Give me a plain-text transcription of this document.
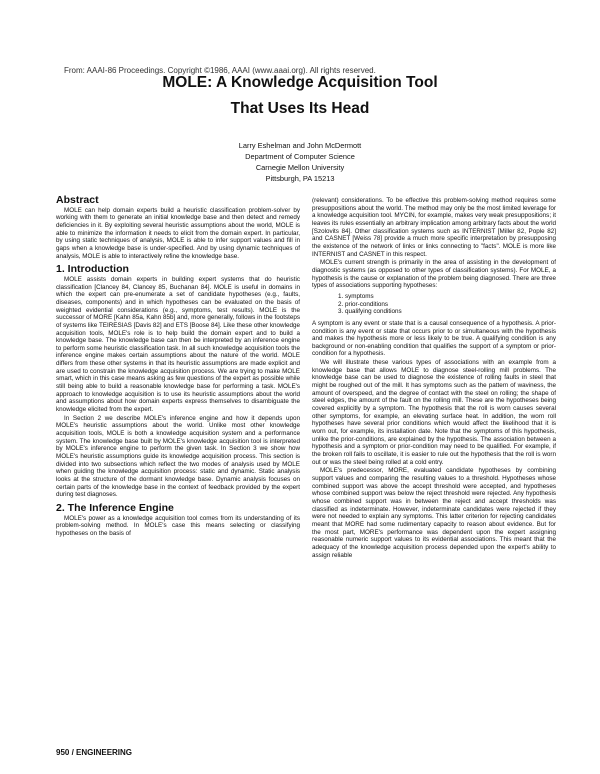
From: AAAI-86 Proceedings. Copyright ©1986, AAAI (www.aaai.org). All rights reserved.
MOLE: A Knowledge Acquisition Tool
That Uses Its Head
Larry Eshelman and John McDermott
Department of Computer Science
Carnegie Mellon University
Pittsburgh, PA 15213
Abstract

MOLE can help domain experts build a heuristic classification problem-solver by working with them to generate an initial knowledge base and then detect and remedy deficiencies in it. By exploiting several heuristic assumptions about the world, MOLE is able to minimize the information it needs to elicit from the domain expert. In particular, by using static techniques of analysis, MOLE is able to infer support values and fill in gaps when a knowledge base is under-specified. And by using dynamic techniques of analysis, MOLE is able to interactively refine the knowledge base.

1. Introduction

MOLE assists domain experts in building expert systems that do heuristic classification [Clancey 84, Clancey 85, Buchanan 84]. MOLE is useful in domains in which the expert can pre-enumerate a set of candidate hypotheses (e.g., faults, diseases, components) and in which hypotheses can be evaluated on the basis of weighted evidential considerations (e.g., symptoms, test results). MOLE is the successor of MORE [Kahn 85a, Kahn 85b] and, more generally, follows in the footsteps of systems like TEIRESIAS [Davis 82] and ETS [Boose 84]. Like these other knowledge acquisition tools, MOLE's role is to help build the domain expert and to build a knowledge base. The knowledge base can then be interpreted by an inference engine to perform some heuristic classification task. In all such knowledge acquisition tools the inference engine makes certain assumptions about the nature of the world. MOLE differs from these other systems in that its heuristic assumptions are made explicit and are used to constrain the knowledge acquisition process. We are trying to make MOLE smart, which in this case means asking as few questions of the expert as possible while still being able to build a reasonable knowledge base for performing a task. MOLE's approach to knowledge acquisition is to use its heuristic assumptions about the world and assumptions about how domain experts express themselves to disambiguate the knowledge elicited from the expert.

In Section 2 we describe MOLE's inference engine and how it depends upon MOLE's heuristic assumptions about the world. Unlike most other knowledge acquisition tools, MOLE is both a knowledge acquisition system and a performance system. The knowledge base built by MOLE's knowledge acquisition tool is interpreted by MOLE's inference engine to perform the given task. In Section 3 we show how MOLE's heuristic assumptions guide its knowledge acquisition process. This section is divided into two subsections which reflect the two modes of analysis used by MOLE when guiding the knowledge acquisition process: static and dynamic. Static analysis looks at the structure of the dormant knowledge base. Dynamic analysis focuses on certain parts of the knowledge base in the context of feedback provided by the expert during test diagnoses.

2. The Inference Engine

MOLE's power as a knowledge acquisition tool comes from its understanding of its problem-solving method. In MOLE's case this means selecting or classifying hypotheses on the basis of

(relevant) considerations. To be effective this problem-solving method requires some presuppositions about the world. The method may only be the most limited leverage for a knowledge acquisition tool. MYCIN, for example, makes very weak presuppositions; it leaves its rules essentially an arbitrary implication among arbitrary facts about the world [Szolovits 84]. Other classification systems such as INTERNIST [Miller 82, Pople 82] and CASNET [Weiss 78] provide a much more specific interpretation by presupposing the existence of the network of links or links connecting to "facts". MOLE is more like INTERNIST and CASNET in this respect.

MOLE's current strength is primarily in the area of assisting in the development of diagnostic systems (as opposed to other types of classification systems). For MOLE, a hypothesis is the cause or explanation of the problem being diagnosed. There are three types of associations supporting hypotheses:

1. symptoms
2. prior-conditions
3. qualifying conditions

A symptom is any event or state that is a causal consequence of a hypothesis. A prior-condition is any event or state that occurs prior to or simultaneous with the hypothesis and makes the hypothesis more or less likely to be true. A qualifying condition is any background or non-enabling condition that qualifies the support of a symptom or prior-condition for a hypothesis.

We will illustrate these various types of associations with an example from a knowledge base that allows MOLE to diagnose steel-rolling mill problems. The knowledge base can be used to diagnose the existence of rolling faults in steel that might be roughed out of the mill. It has symptoms such as the pattern of waviness, the amount of overspeed, and the degree of contact with the steel on rolling; the shape of steel edges, the amount of the fault on the rolling mill. These are the hypotheses being covered explicitly by a symptom. The hypothesis that the roll is worn causes several other symptoms, for example, an elevating surface heat. In addition, the worn roll hypotheses have several prior conditions which would affect the likelihood that it is worn out, for example, its installation date. Note that the symptoms of this hypothesis, unlike the prior-conditions, are explained by the hypothesis. The association between a hypothesis and a symptom or prior-condition may need to be qualified. For example, if the broken roll fails to oscillate, it is easier to rule out the hypothesis that the roll is worn out or was the steel being rolled at a cold entry.

MOLE's predecessor, MORE, evaluated candidate hypotheses by combining support values and comparing the resulting values to a threshold. Hypotheses whose combined support was above the accept threshold were accepted, and hypotheses whose combined support was below the reject threshold were rejected. Any hypothesis whose combined support was in between the reject and accept thresholds was classified as indeterminate. However, indeterminate candidates were rejected if they were not needed to explain any symptoms. This latter criterion for rejecting candidates meant that MORE had some rudimentary capacity to reason about evidence. But for the most part, MORE's performance was dependent upon the expert assigning reasonable numeric support values to its evidential associations. This meant that the adequacy of the knowledge acquisition process depended upon the expert's ability to assign reliable

950 / ENGINEERING
